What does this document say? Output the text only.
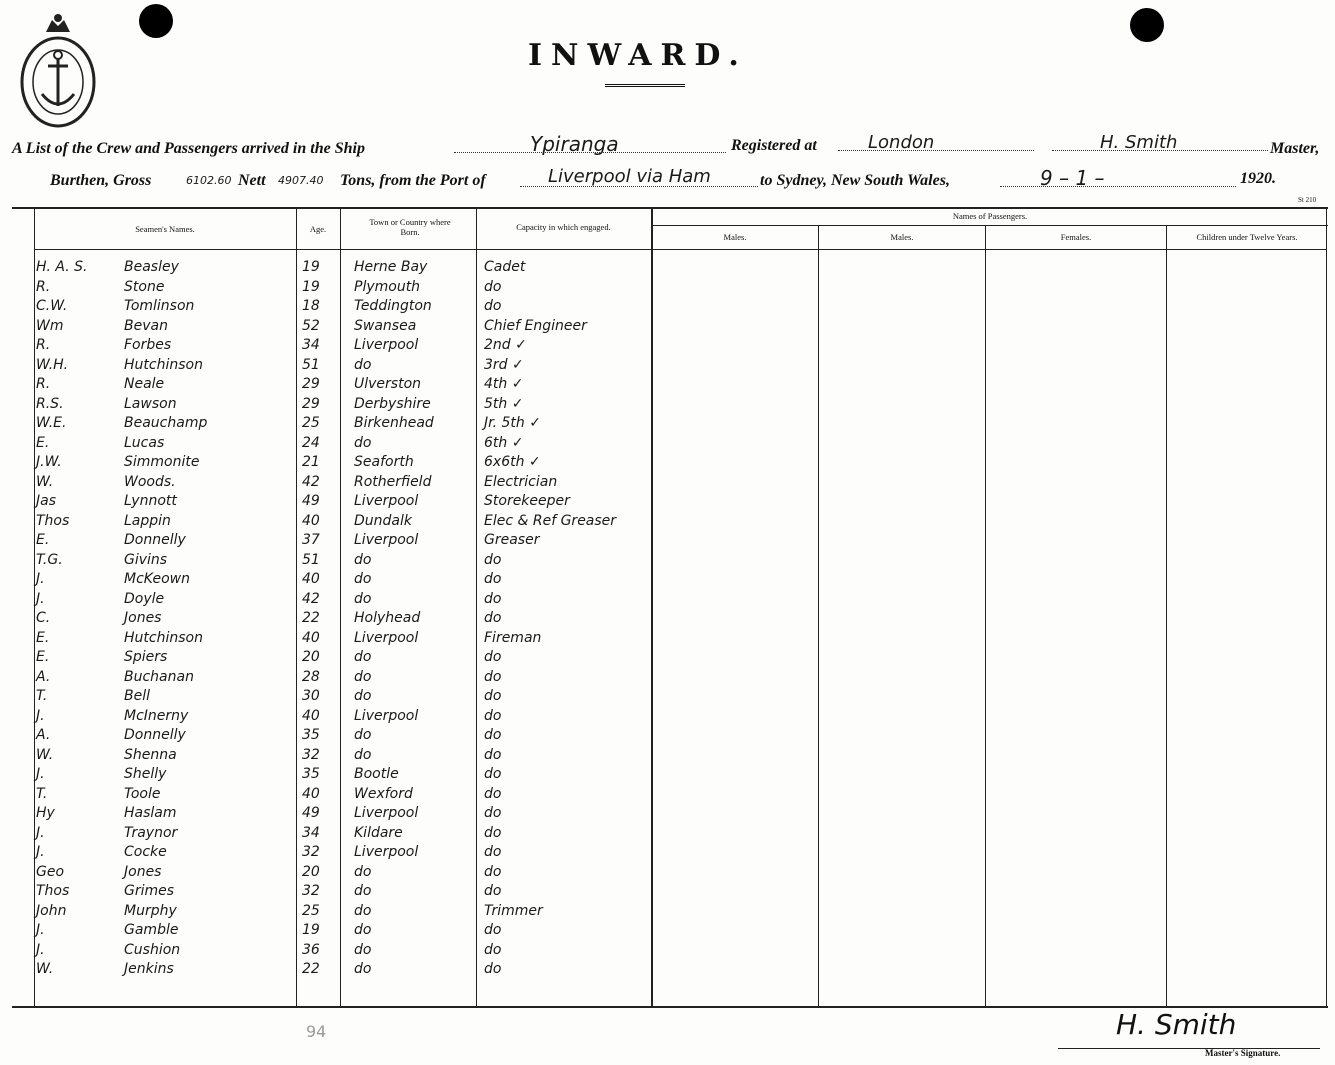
INWARD.
A List of the Crew and Passengers arrived in the Ship	Ypiranga	Registered at	London	H. Smith	Master,
Burthen, Gross	6102.60 Nett 4907.40 Tons, from the Port of	Liverpool via Ham	to Sydney, New South Wales,	9 – 1 –	1920.
St 210
Seamen's Names.	Age.
Town or Country where Born.	Capacity in which engaged.
Names of Passengers.
Males.	Males.	Females.	Children under Twelve Years.
H. A. S.	Beasley	19 Herne Bay	Cadet
R.	Stone	19 Plymouth	do
C.W.	Tomlinson	18 Teddington	do
Wm	Bevan	52 Swansea	Chief Engineer
R.	Forbes	34 Liverpool	2nd ✓
W.H.	Hutchinson	51 do	3rd ✓
R.	Neale	29 Ulverston	4th ✓
R.S.	Lawson	29 Derbyshire	5th ✓
W.E.	Beauchamp	25 Birkenhead	Jr. 5th ✓
E.	Lucas	24 do	6th ✓
J.W.	Simmonite	21 Seaforth	6x6th ✓
W.	Woods.	42 Rotherfield	Electrician
Jas	Lynnott	49 Liverpool	Storekeeper
Thos	Lappin	40 Dundalk	Elec & Ref Greaser
E.	Donnelly	37 Liverpool	Greaser
T.G.	Givins	51 do	do
J.	McKeown	40 do	do
J.	Doyle	42 do	do
C.	Jones	22 Holyhead	do
E.	Hutchinson	40 Liverpool	Fireman
E.	Spiers	20 do	do
A.	Buchanan	28 do	do
T.	Bell	30 do	do
J.	McInerny	40 Liverpool	do
A.	Donnelly	35 do	do
W.	Shenna	32 do	do
J.	Shelly	35 Bootle	do
T.	Toole	40 Wexford	do
Hy	Haslam	49 Liverpool	do
J.	Traynor	34 Kildare	do
J.	Cocke	32 Liverpool	do
Geo	Jones	20 do	do
Thos	Grimes	32 do	do
John	Murphy	25 do	Trimmer
J.	Gamble	19 do	do
J.	Cushion	36 do	do
W.	Jenkins	22 do	do
94	H. Smith
Master's Signature.
